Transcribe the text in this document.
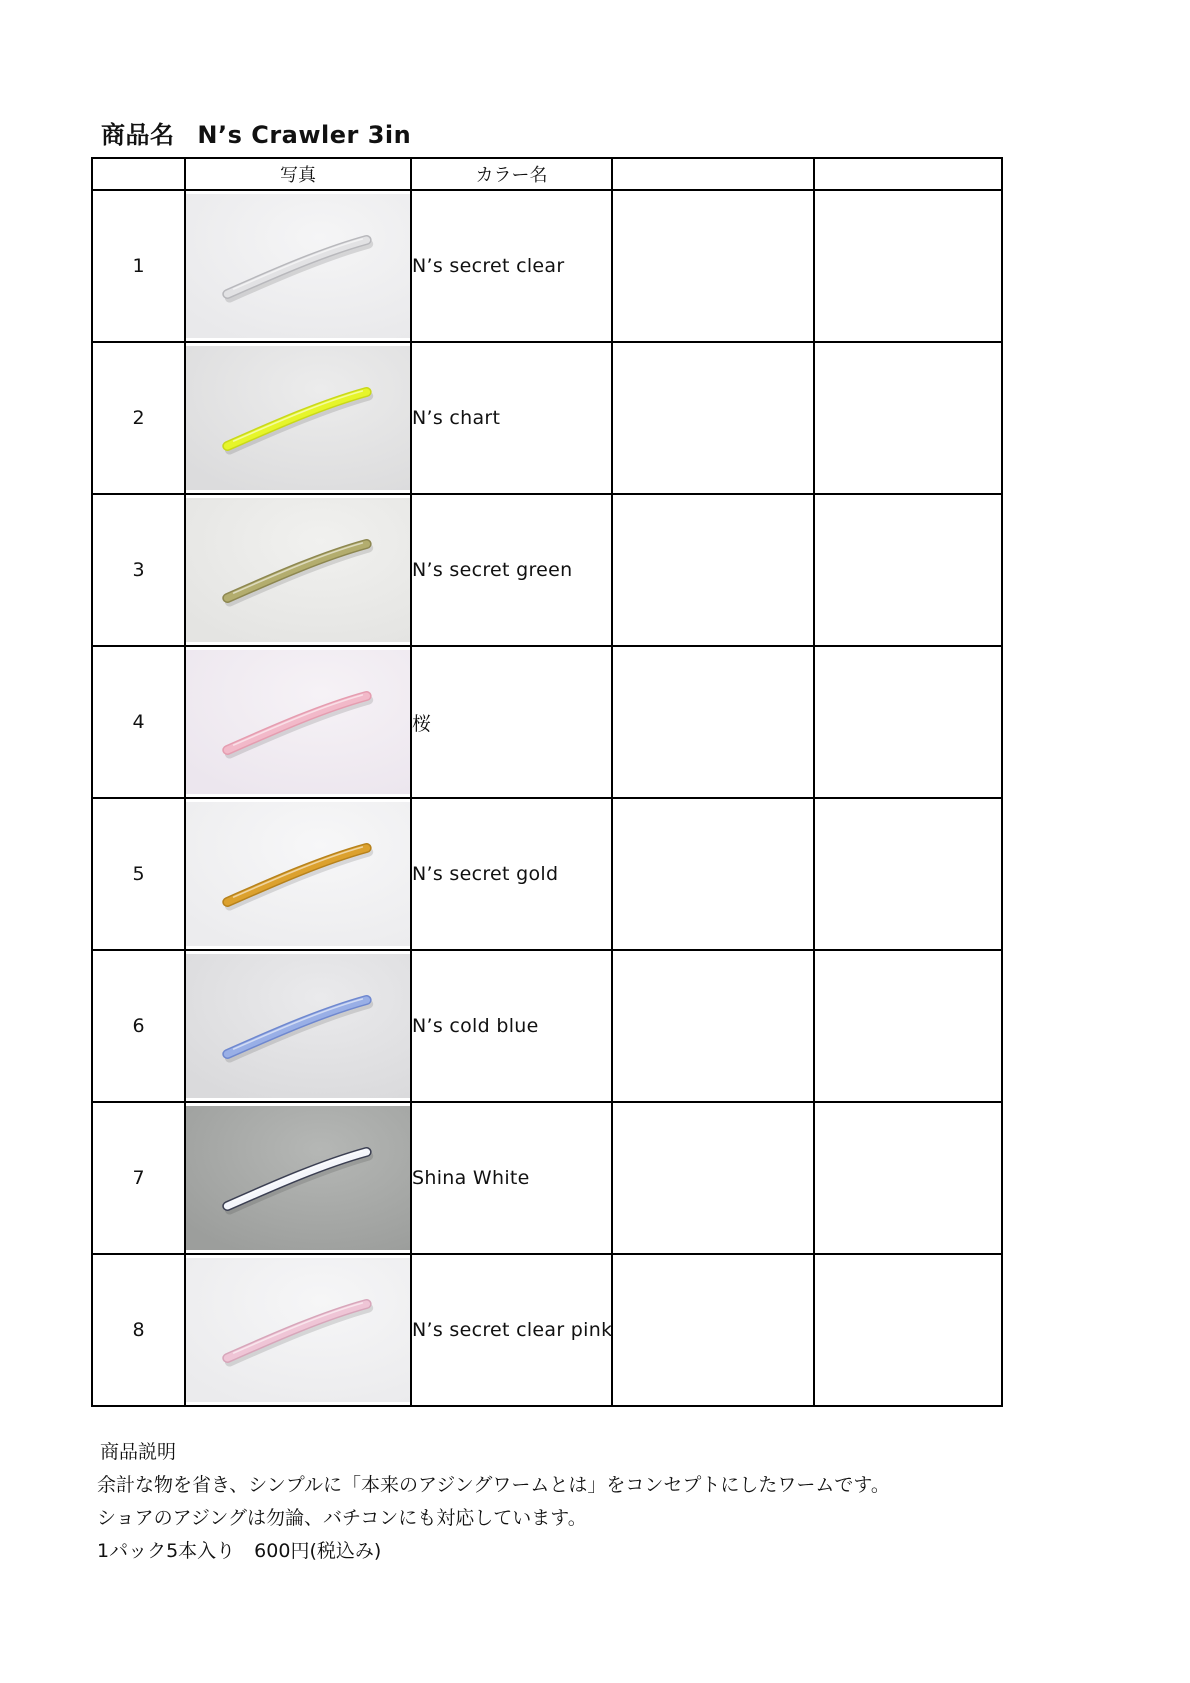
商品名 N’s Crawler 3in
	写真	カラー名		
1		N’s secret clear		
2		N’s chart		
3		N’s secret green		
4		桜		
5		N’s secret gold		
6		N’s cold blue		
7		Shina White		
8		N’s secret clear pink		
商品説明
余計な物を省き、シンプルに「本来のアジングワームとは」をコンセプトにしたワームです。
ショアのアジングは勿論、バチコンにも対応しています。
1パック5本入り　600円(税込み)
